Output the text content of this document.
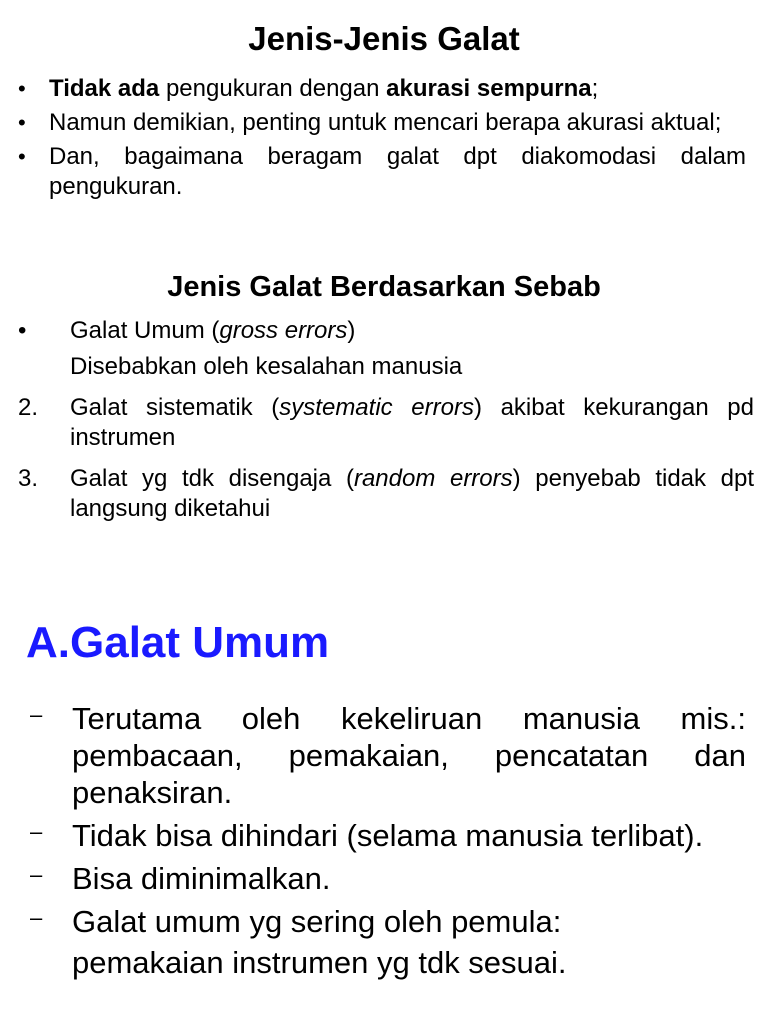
Jenis-Jenis Galat
• Tidak ada pengukuran dengan akurasi sempurna;
• Namun demikian, penting untuk mencari berapa akurasi aktual;
• Dan, bagaimana beragam galat dpt diakomodasi dalam pengukuran.
Jenis Galat Berdasarkan Sebab
•	Galat Umum (gross errors)
Disebabkan oleh kesalahan manusia
2.	Galat sistematik (systematic errors) akibat kekurangan pd instrumen
3.	Galat yg tdk disengaja (random errors) penyebab tidak dpt langsung diketahui
A.Galat Umum
– Terutama oleh kekeliruan manusia mis.: pembacaan, pemakaian, pencatatan dan penaksiran.
– Tidak bisa dihindari (selama manusia terlibat).
– Bisa diminimalkan.
– Galat umum yg sering oleh pemula:
pemakaian instrumen yg tdk sesuai.
